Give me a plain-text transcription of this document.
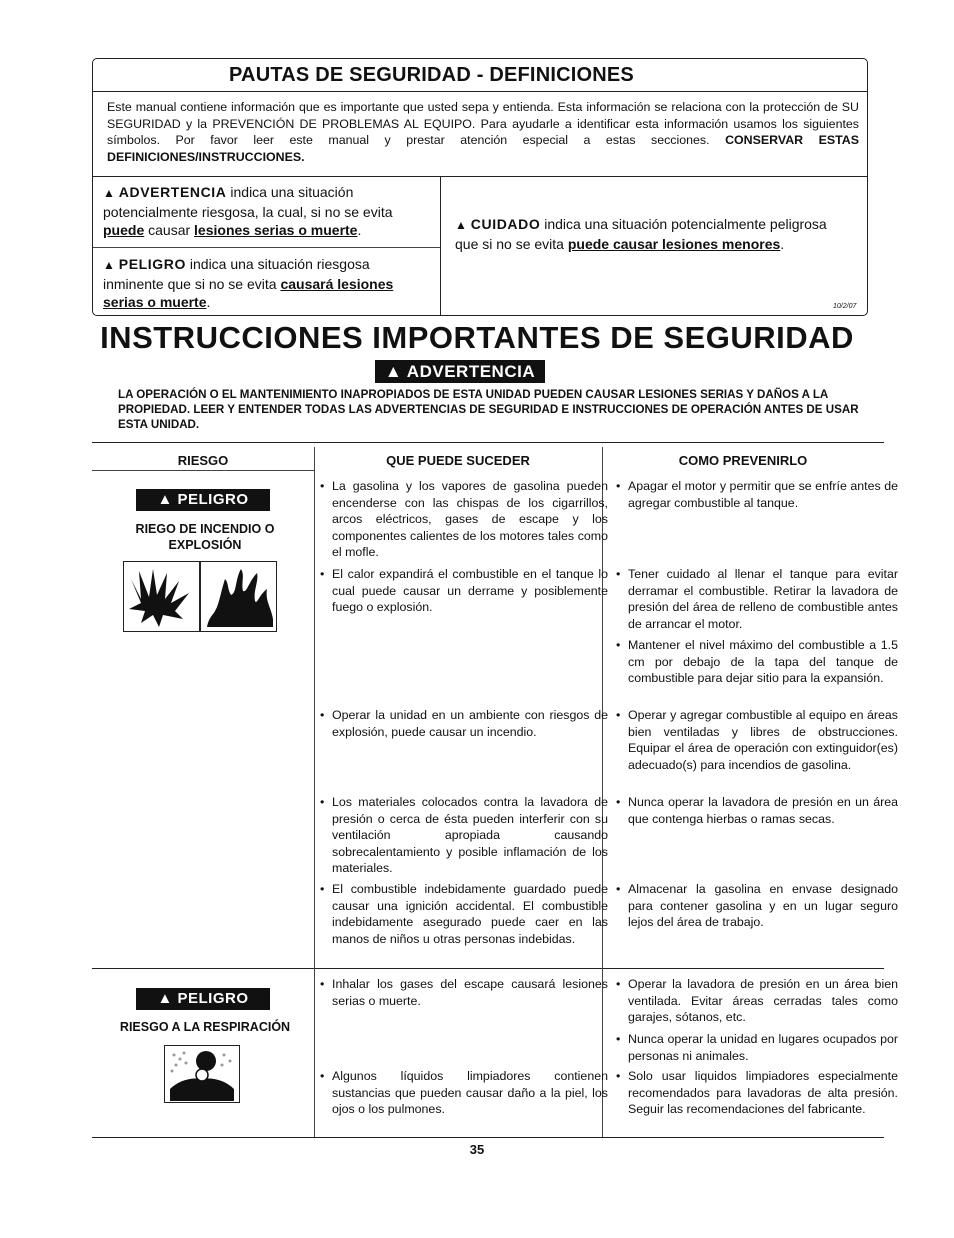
PAUTAS DE SEGURIDAD - DEFINICIONES
Este manual contiene información que es importante que usted sepa y entienda. Esta información se relaciona con la protección de SU SEGURIDAD y la PREVENCIÓN DE PROBLEMAS AL EQUIPO. Para ayudarle a identificar esta información usamos los siguientes símbolos. Por favor leer este manual y prestar atención especial a estas secciones. CONSERVAR ESTAS DEFINICIONES/INSTRUCCIONES.
▲ ADVERTENCIA indica una situación potencialmente riesgosa, la cual, si no se evita puede causar lesiones serias o muerte.
▲ PELIGRO indica una situación riesgosa inminente que si no se evita causará lesiones serias o muerte.
▲ CUIDADO indica una situación potencialmente peligrosa que si no se evita puede causar lesiones menores.
10/2/07
INSTRUCCIONES IMPORTANTES DE SEGURIDAD
▲ ADVERTENCIA
LA OPERACIÓN O EL MANTENIMIENTO INAPROPIADOS DE ESTA UNIDAD PUEDEN CAUSAR LESIONES SERIAS Y DAÑOS A LA PROPIEDAD. LEER Y ENTENDER TODAS LAS ADVERTENCIAS DE SEGURIDAD E INSTRUCCIONES DE OPERACIÓN ANTES DE USAR ESTA UNIDAD.
RIESGO	QUE PUEDE SUCEDER	COMO PREVENIRLO
▲ PELIGRO
RIEGO DE INCENDIO O EXPLOSIÓN
• La gasolina y los vapores de gasolina pueden encenderse con las chispas de los cigarrillos, arcos eléctricos, gases de escape y los componentes calientes de los motores tales como el mofle.
• El calor expandirá el combustible en el tanque lo cual puede causar un derrame y posiblemente fuego o explosión.
• Operar la unidad en un ambiente con riesgos de explosión, puede causar un incendio.
• Los materiales colocados contra la lavadora de presión o cerca de ésta pueden interferir con su ventilación apropiada causando sobrecalentamiento y posible inflamación de los materiales.
• El combustible indebidamente guardado puede causar una ignición accidental. El combustible indebidamente asegurado puede caer en las manos de niños u otras personas indebidas.
• Apagar el motor y permitir que se enfríe antes de agregar combustible al tanque.
• Tener cuidado al llenar el tanque para evitar derramar el combustible. Retirar la lavadora de presión del área de relleno de combustible antes de arrancar el motor.
• Mantener el nivel máximo del combustible a 1.5 cm por debajo de la tapa del tanque de combustible para dejar sitio para la expansión.
• Operar y agregar combustible al equipo en áreas bien ventiladas y libres de obstrucciones. Equipar el área de operación con extinguidor(es) adecuado(s) para incendios de gasolina.
• Nunca operar la lavadora de presión en un área que contenga hierbas o ramas secas.
• Almacenar la gasolina en envase designado para contener gasolina y en un lugar seguro lejos del área de trabajo.
▲ PELIGRO
RIESGO A LA RESPIRACIÓN
• Inhalar los gases del escape causará lesiones serias o muerte.
• Algunos líquidos limpiadores contienen sustancias que pueden causar daño a la piel, los ojos o los pulmones.
• Operar la lavadora de presión en un área bien ventilada. Evitar áreas cerradas tales como garajes, sótanos, etc.
• Nunca operar la unidad en lugares ocupados por personas ni animales.
• Solo usar liquidos limpiadores especialmente recomendados para lavadoras de alta presión. Seguir las recomendaciones del fabricante.
35
